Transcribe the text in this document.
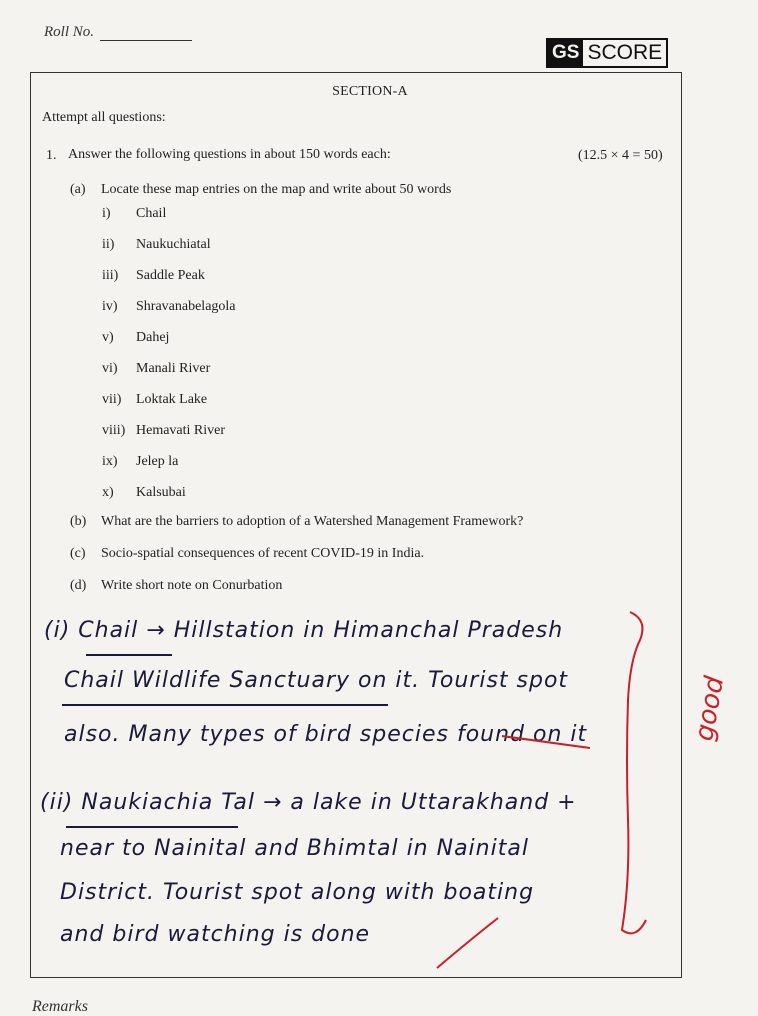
Roll No.
GS SCORE
SECTION-A
Attempt all questions:
1. Answer the following questions in about 150 words each:	(12.5 × 4 = 50)
(a) Locate these map entries on the map and write about 50 words
i) Chail
ii) Naukuchiatal
iii) Saddle Peak
iv) Shravanabelagola
v) Dahej
vi) Manali River
vii) Loktak Lake
viii) Hemavati River
ix) Jelep la
x) Kalsubai
(b) What are the barriers to adoption of a Watershed Management Framework?
(c) Socio-spatial consequences of recent COVID-19 in India.
(d) Write short note on Conurbation
(i) Chail → Hillstation in Himanchal Pradesh
Chail Wildlife Sanctuary on it. Tourist spot
also. Many types of bird species found on it
(ii) Naukiachia Tal → a lake in Uttarakhand +
near to Nainital and Bhimtal in Nainital
District. Tourist spot along with boating
and bird watching is done
good
Remarks
